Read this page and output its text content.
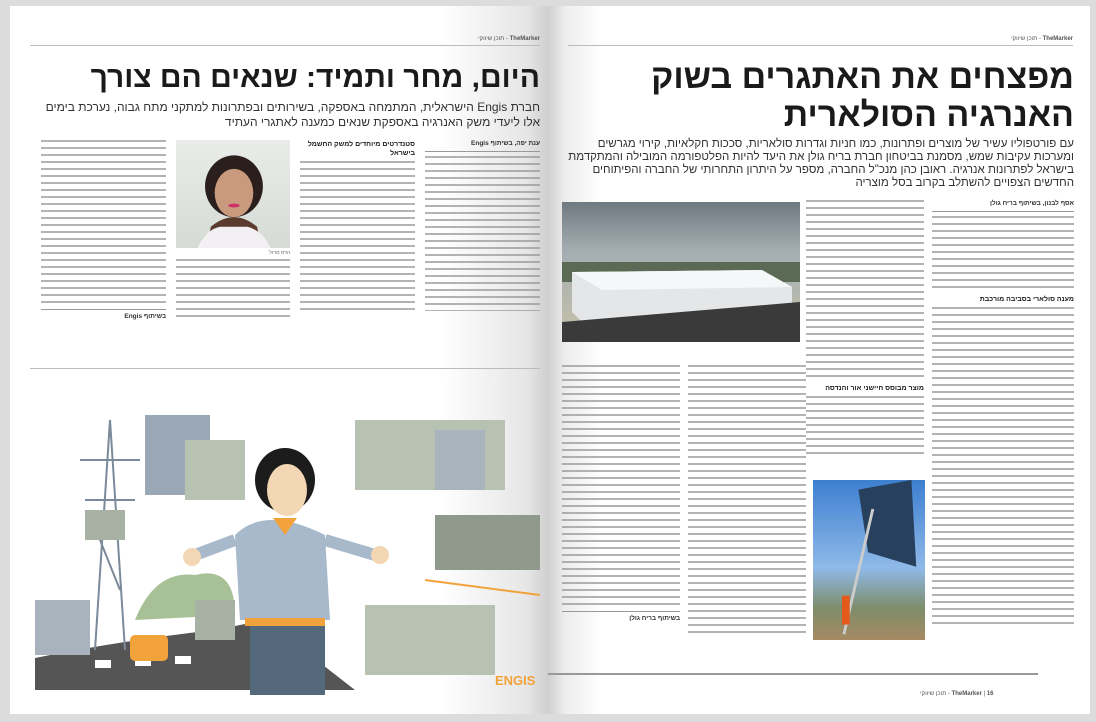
TheMarker - תוכן שיווקי
היום, מחר ותמיד: שנאים הם צורך
חברת Engis הישראלית, המתמחה באספקה, בשירותים ובפתרונות למתקני מתח גבוה, נערכת בימים אלו ליעדי משק האנרגיה באספקת שנאים כמענה לאתגרי העתיד
ענת יפה, בשיתוף Engis
סטנדרטים מיוחדים למשק החשמל בישראל
הדס מרזל
בשיתוף Engis
ENGIS
TheMarker - תוכן שיווקי
מפצחים את האתגרים בשוק
האנרגיה הסולארית
עם פורטפוליו עשיר של מוצרים ופתרונות, כמו חניות וגדרות סולאריות, סככות חקלאיות, קירוי מגרשים ומערכות עקיבות שמש, מסמנת בביטחון חברת בריח גולן את היעד להיות הפלטפורמה המובילה והמתקדמת בישראל לפתרונות אנרגיה. ראובן כהן מנכ"ל החברה, מספר על היתרון התחרותי של החברה והפיתוחים החדשים הצפויים להשתלב בקרוב בסל מוצריה
אסף לבנון, בשיתוף בריח גולן
מענה סולארי בסביבה מורכבת
מוצר מבוסס חיישני אור והנדסה
בשיתוף בריח גולן
16 | TheMarker - תוכן שיווקי
